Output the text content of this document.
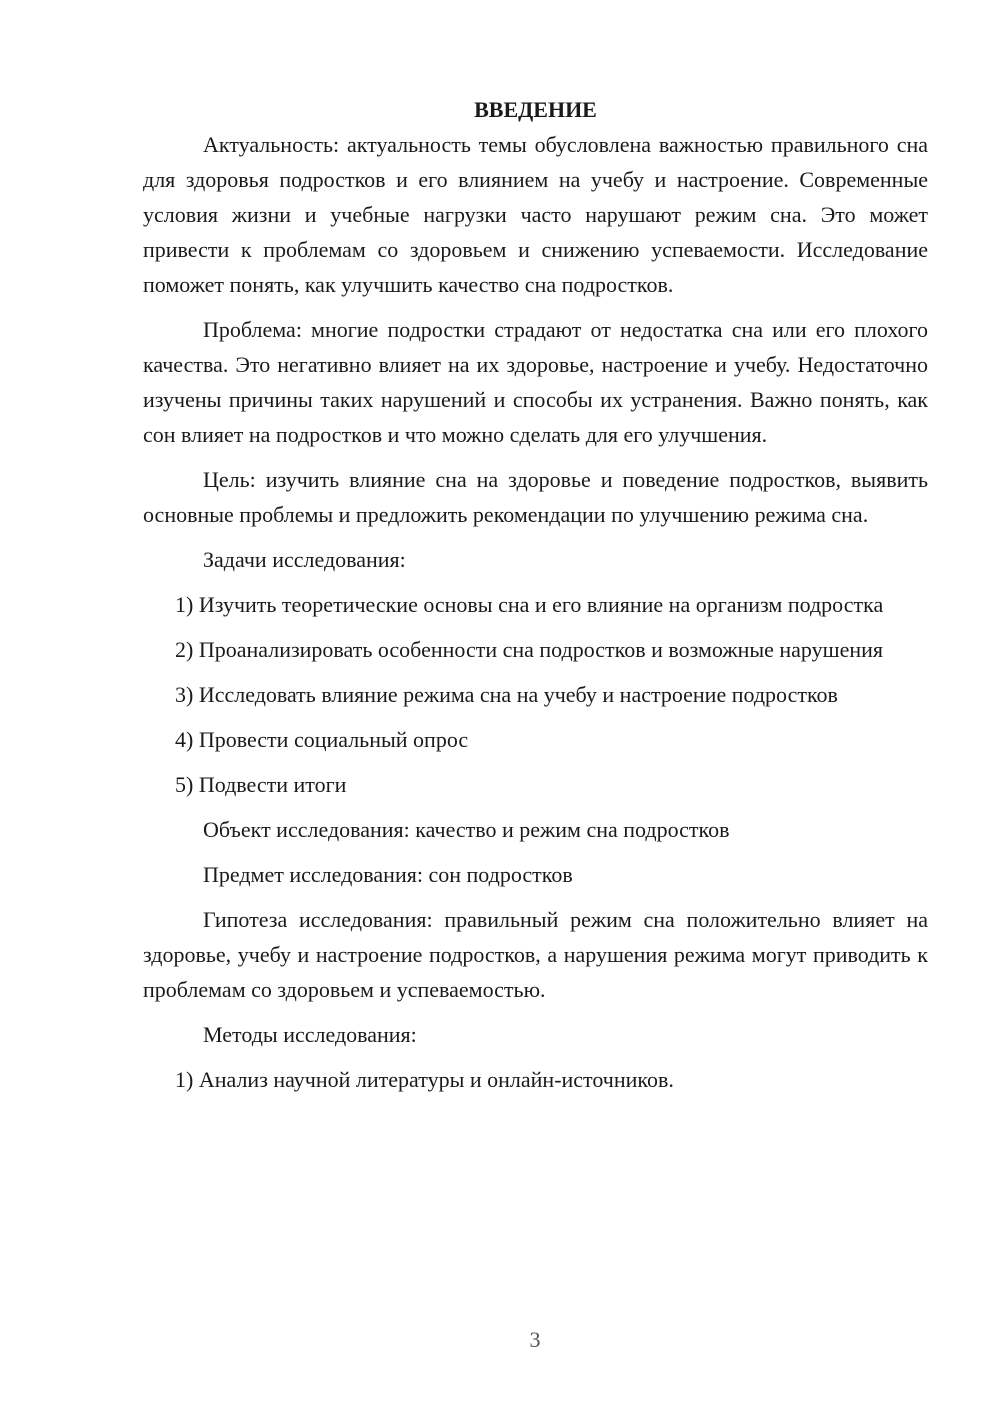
ВВЕДЕНИЕ

Актуальность: актуальность темы обусловлена важностью правильного сна для здоровья подростков и его влиянием на учебу и настроение. Современные условия жизни и учебные нагрузки часто нарушают режим сна. Это может привести к проблемам со здоровьем и снижению успеваемости. Исследование поможет понять, как улучшить качество сна подростков.

Проблема: многие подростки страдают от недостатка сна или его плохого качества. Это негативно влияет на их здоровье, настроение и учебу. Недостаточно изучены причины таких нарушений и способы их устранения. Важно понять, как сон влияет на подростков и что можно сделать для его улучшения.

Цель: изучить влияние сна на здоровье и поведение подростков, выявить основные проблемы и предложить рекомендации по улучшению режима сна.

Задачи исследования:

1) Изучить теоретические основы сна и его влияние на организм подростка

2) Проанализировать особенности сна подростков и возможные нарушения

3) Исследовать влияние режима сна на учебу и настроение подростков

4) Провести социальный опрос

5) Подвести итоги

Объект исследования: качество и режим сна подростков

Предмет исследования: сон подростков

Гипотеза исследования: правильный режим сна положительно влияет на здоровье, учебу и настроение подростков, а нарушения режима могут приводить к проблемам со здоровьем и успеваемостью.

Методы исследования:

1) Анализ научной литературы и онлайн-источников.

3
